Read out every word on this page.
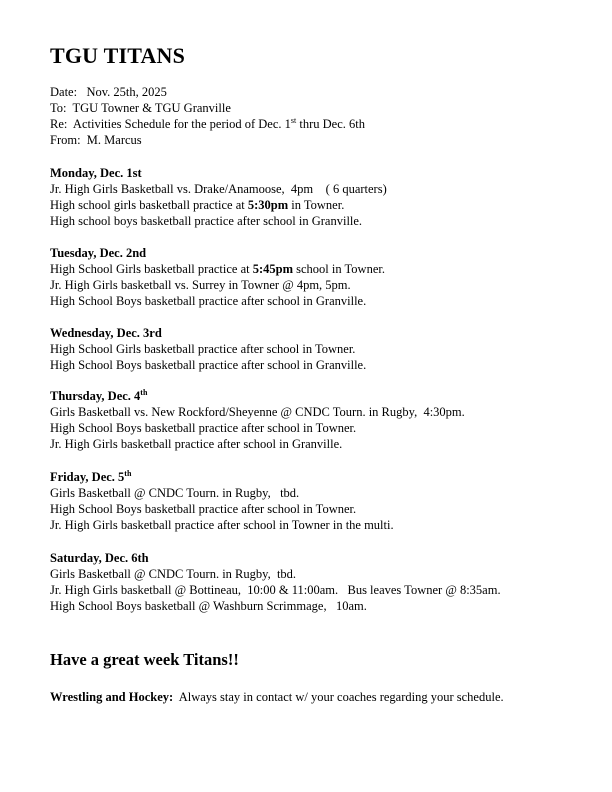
TGU TITANS
Date:   Nov. 25th, 2025
To:  TGU Towner & TGU Granville
Re:  Activities Schedule for the period of Dec. 1st thru Dec. 6th
From:  M. Marcus
Monday, Dec. 1st
Jr. High Girls Basketball vs. Drake/Anamoose,  4pm    ( 6 quarters)
High school girls basketball practice at 5:30pm in Towner.
High school boys basketball practice after school in Granville.
Tuesday, Dec. 2nd
High School Girls basketball practice at 5:45pm school in Towner.
Jr. High Girls basketball vs. Surrey in Towner @ 4pm, 5pm.
High School Boys basketball practice after school in Granville.
Wednesday, Dec. 3rd
High School Girls basketball practice after school in Towner.
High School Boys basketball practice after school in Granville.
Thursday, Dec. 4th
Girls Basketball vs. New Rockford/Sheyenne @ CNDC Tourn. in Rugby,  4:30pm.
High School Boys basketball practice after school in Towner.
Jr. High Girls basketball practice after school in Granville.
Friday, Dec. 5th
Girls Basketball @ CNDC Tourn. in Rugby,   tbd.
High School Boys basketball practice after school in Towner.
Jr. High Girls basketball practice after school in Towner in the multi.
Saturday, Dec. 6th
Girls Basketball @ CNDC Tourn. in Rugby,  tbd.
Jr. High Girls basketball @ Bottineau,  10:00 & 11:00am.   Bus leaves Towner @ 8:35am.
High School Boys basketball @ Washburn Scrimmage,   10am.
Have a great week Titans!!
Wrestling and Hockey:  Always stay in contact w/ your coaches regarding your schedule.
